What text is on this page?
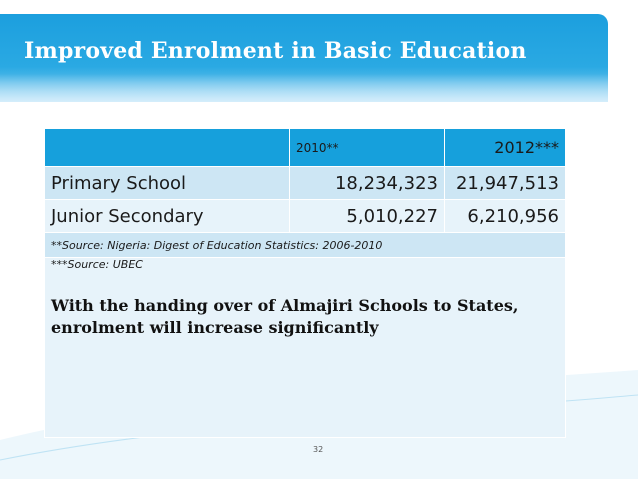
Improved Enrolment in Basic Education
	2010**	2012***
Primary School	18,234,323	21,947,513
Junior Secondary	5,010,227	6,210,956
**Source: Nigeria: Digest of Education Statistics: 2006-2010		

***Source: UBEC
With the handing over of Almajiri Schools to States, enrolment will increase significantly		
32
